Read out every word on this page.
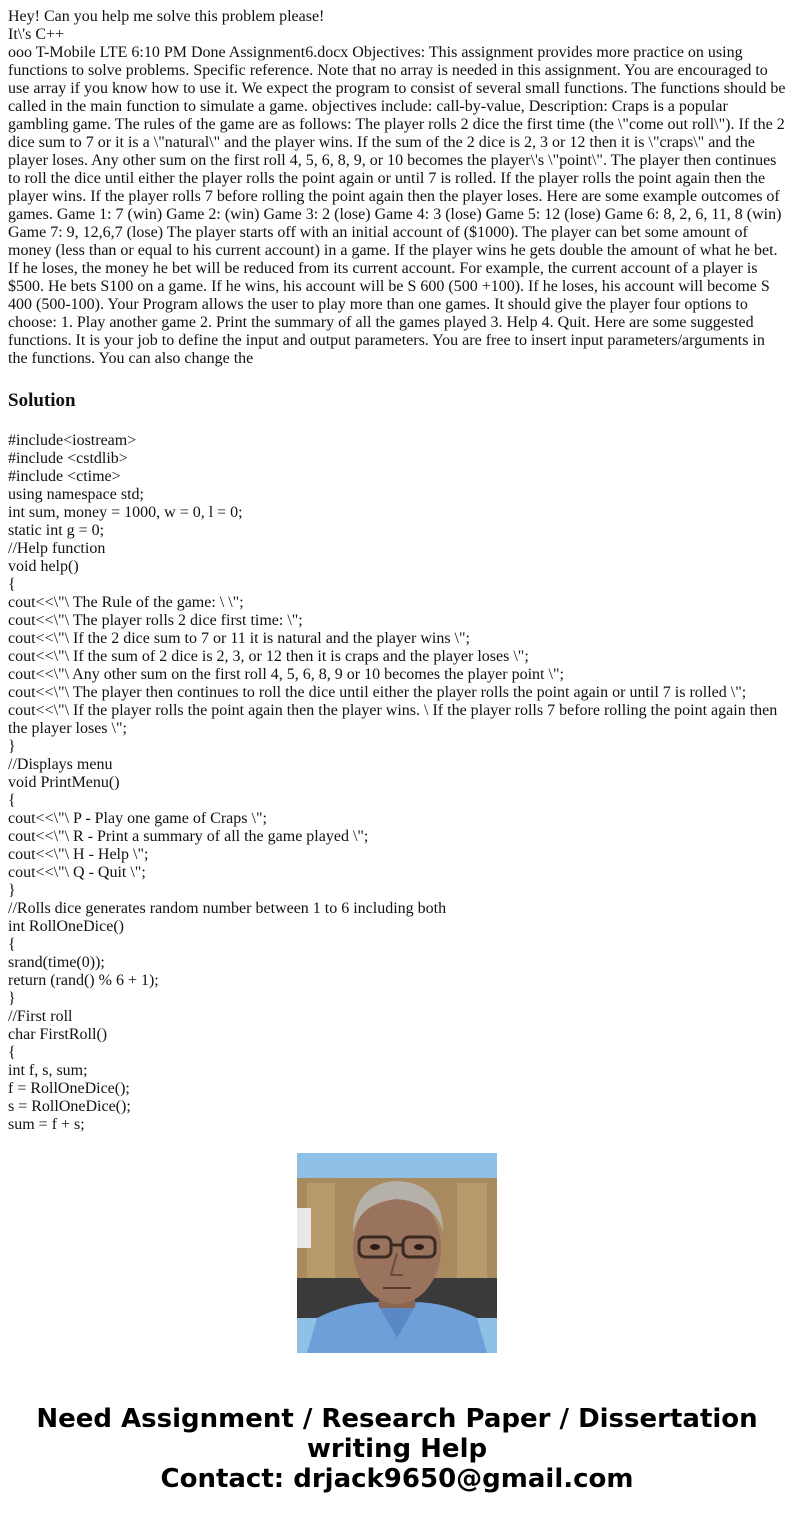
Hey! Can you help me solve this problem please!

It\'s C++

ooo T-Mobile LTE 6:10 PM Done Assignment6.docx Objectives: This assignment provides more practice on using functions to solve problems. Specific reference. Note that no array is needed in this assignment. You are encouraged to use array if you know how to use it. We expect the program to consist of several small functions. The functions should be called in the main function to simulate a game. objectives include: call-by-value, Description: Craps is a popular gambling game. The rules of the game are as follows: The player rolls 2 dice the first time (the \"come out roll\"). If the 2 dice sum to 7 or it is a \"natural\" and the player wins. If the sum of the 2 dice is 2, 3 or 12 then it is \"craps\" and the player loses. Any other sum on the first roll 4, 5, 6, 8, 9, or 10 becomes the player\'s \"point\". The player then continues to roll the dice until either the player rolls the point again or until 7 is rolled. If the player rolls the point again then the player wins. If the player rolls 7 before rolling the point again then the player loses. Here are some example outcomes of games. Game 1: 7 (win) Game 2: (win) Game 3: 2 (lose) Game 4: 3 (lose) Game 5: 12 (lose) Game 6: 8, 2, 6, 11, 8 (win) Game 7: 9, 12,6,7 (lose) The player starts off with an initial account of ($1000). The player can bet some amount of money (less than or equal to his current account) in a game. If the player wins he gets double the amount of what he bet. If he loses, the money he bet will be reduced from its current account. For example, the current account of a player is $500. He bets S100 on a game. If he wins, his account will be S 600 (500 +100). If he loses, his account will become S 400 (500-100). Your Program allows the user to play more than one games. It should give the player four options to choose: 1. Play another game 2. Print the summary of all the games played 3. Help 4. Quit. Here are some suggested functions. It is your job to define the input and output parameters. You are free to insert input parameters/arguments in the functions. You can also change the

Solution

#include<iostream>

#include <cstdlib>

#include <ctime>

using namespace std;

int sum, money = 1000, w = 0, l = 0;

static int g = 0;

//Help function

void help()

{

cout<<\"\ The Rule of the game: \ \";

cout<<\"\ The player rolls 2 dice first time: \";

cout<<\"\ If the 2 dice sum to 7 or 11 it is natural and the player wins \";

cout<<\"\ If the sum of 2 dice is 2, 3, or 12 then it is craps and the player loses \";

cout<<\"\ Any other sum on the first roll 4, 5, 6, 8, 9 or 10 becomes the player point \";

cout<<\"\ The player then continues to roll the dice until either the player rolls the point again or until 7 is rolled \";

cout<<\"\ If the player rolls the point again then the player wins. \ If the player rolls 7 before rolling the point again then the player loses \";

}

//Displays menu

void PrintMenu()

{

cout<<\"\ P - Play one game of Craps \";

cout<<\"\ R - Print a summary of all the game played \";

cout<<\"\ H - Help \";

cout<<\"\ Q - Quit \";

}

//Rolls dice generates random number between 1 to 6 including both

int RollOneDice()

{

srand(time(0));

return (rand() % 6 + 1);

}

//First roll

char FirstRoll()

{

int f, s, sum;

f = RollOneDice();

s = RollOneDice();

sum = f + s;

Need Assignment / Research Paper / Dissertation
writing Help
Contact: drjack9650@gmail.com
